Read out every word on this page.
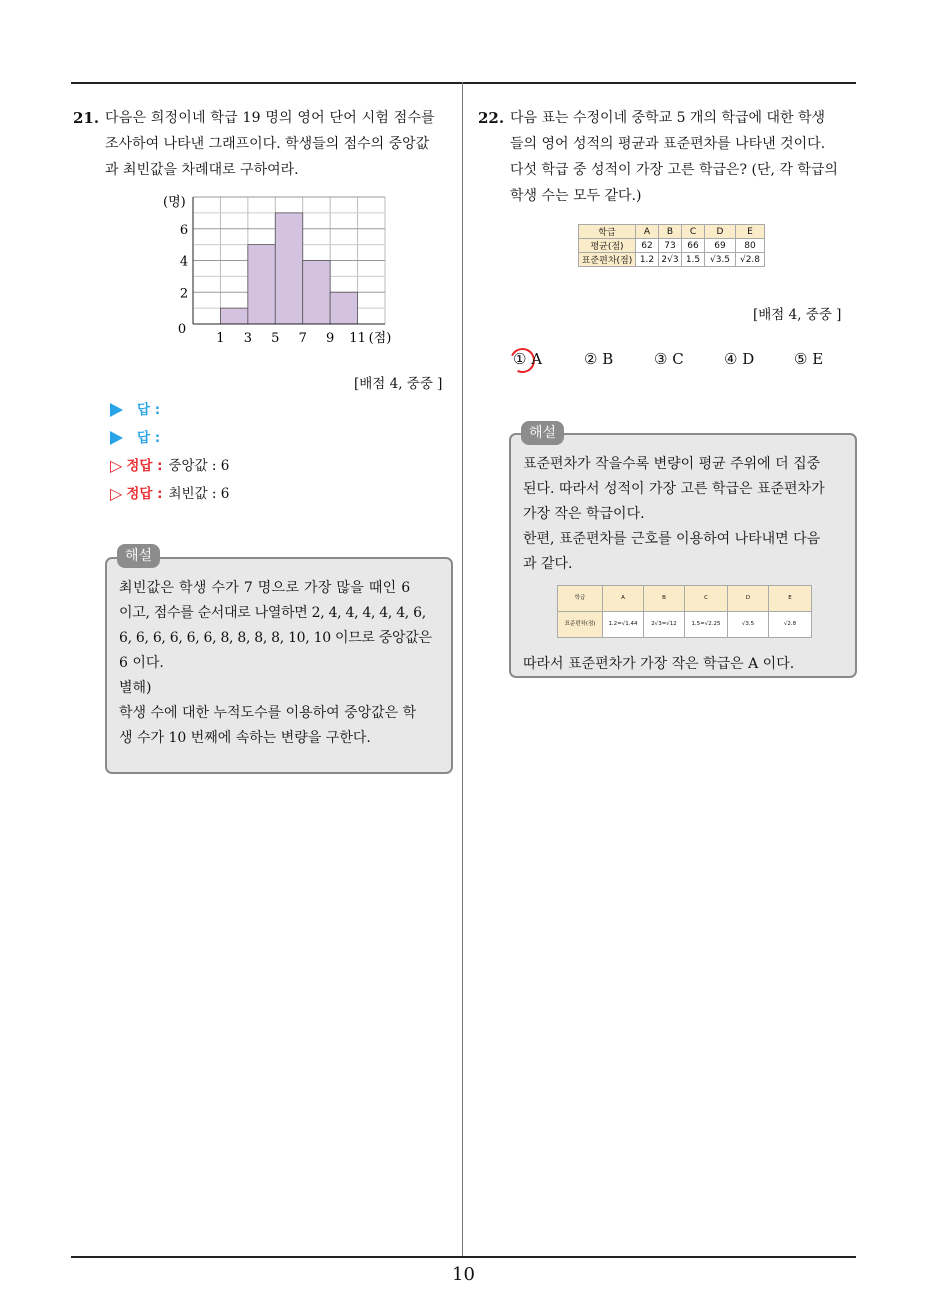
10
21. 다음은 희정이네 학급 19 명의 영어 단어 시험 점수를
조사하여 나타낸 그래프이다. 학생들의 점수의 중앙값
과 최빈값을 차례대로 구하여라.
0
2
4
6
1 3 5 7 9 11
(명)
(점)
[배점 4, 중중 ]
답 :
답 :
▷ 정답 : 중앙값 : 6
▷ 정답 : 최빈값 : 6
최빈값은 학생 수가 7 명으로 가장 많을 때인 6
이고, 점수를 순서대로 나열하면 2, 4, 4, 4, 4, 4, 6,
6, 6, 6, 6, 6, 6, 8, 8, 8, 8, 10, 10 이므로 중앙값은
6 이다.
별해)
학생 수에 대한 누적도수를 이용하여 중앙값은 학
생 수가 10 번째에 속하는 변량을 구한다.
해설
22. 다음 표는 수정이네 중학교 5 개의 학급에 대한 학생
들의 영어 성적의 평균과 표준편차를 나타낸 것이다.
다섯 학급 중 성적이 가장 고른 학급은? (단, 각 학급의
학생 수는 모두 같다.)
학급	A	B	C	D	E
평균(점)	62	73	66	69	80
표준편차(점)	1.2	2√3	1.5	√3.5	√2.8
[배점 4, 중중 ]
① A	② B	③ C	④ D	⑤ E
표준편차가 작을수록 변량이 평균 주위에 더 집중
된다. 따라서 성적이 가장 고른 학급은 표준편차가
가장 작은 학급이다.
한편, 표준편차를 근호를 이용하여 나타내면 다음
과 같다.
학급	A	B	C	D	E
표준편차(점)	1.2=√1.44	2√3=√12	1.5=√2.25	√3.5	√2.8
따라서 표준편차가 가장 작은 학급은 A 이다.
해설
